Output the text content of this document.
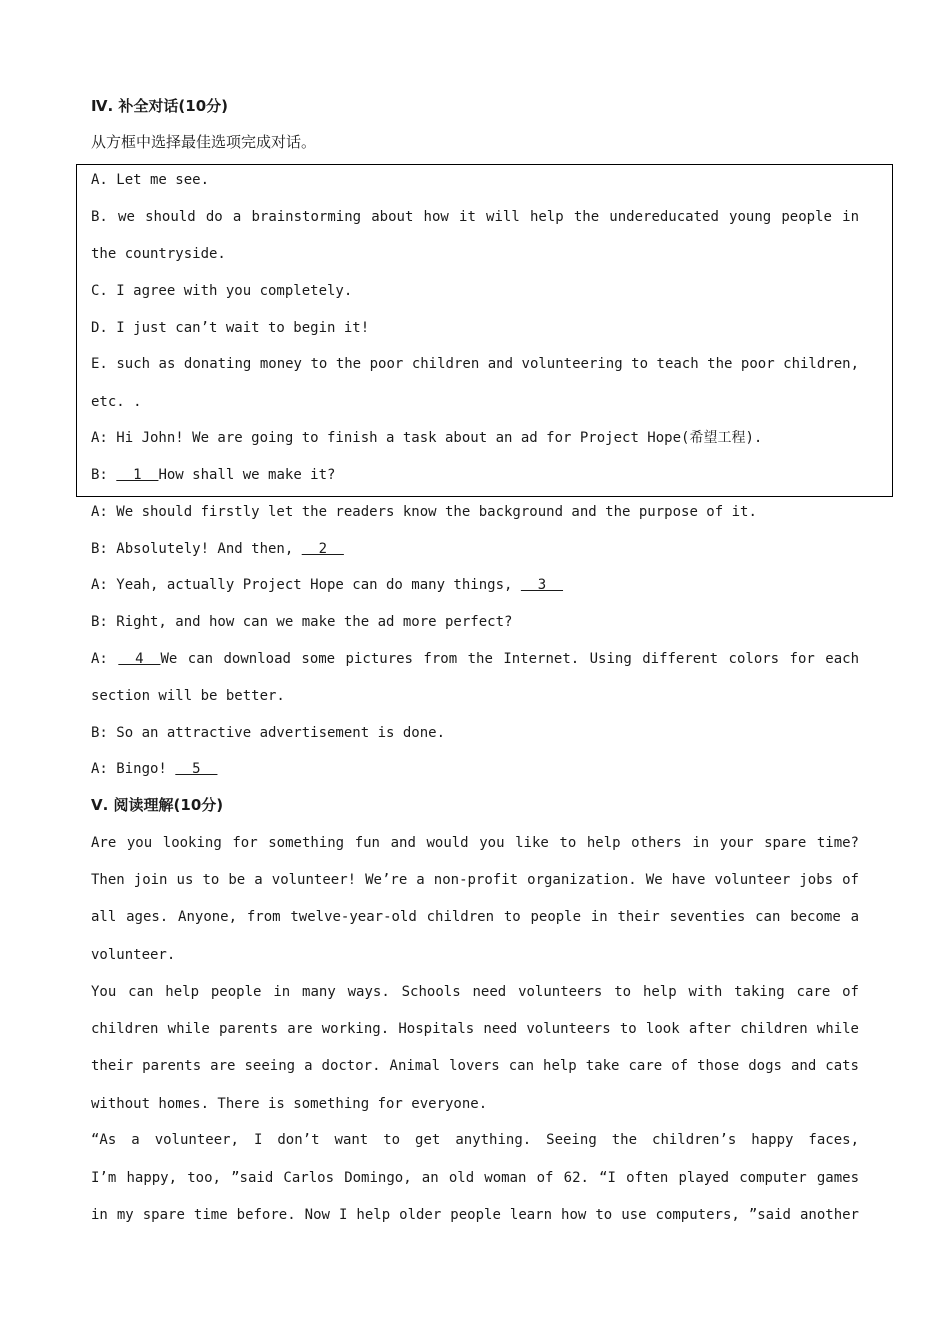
Ⅳ. 补全对话(10分)
从方框中选择最佳选项完成对话。
A. Let me see.
B. we should do a brainstorming about how it will help the undereducated young people in
the countryside.
C. I agree with you completely.
D. I just can’t wait to begin it!
E. such as donating money to the poor children and volunteering to teach the poor children,
etc. .
A: Hi John! We are going to finish a task about an ad for Project Hope(希望工程).
B:   1  How shall we make it?
A: We should firstly let the readers know the background and the purpose of it.
B: Absolutely! And then,   2
A: Yeah, actually Project Hope can do many things,   3
B: Right, and how can we make the ad more perfect?
A:   4  We can download some pictures from the Internet. Using different colors for each
section will be better.
B: So an attractive advertisement is done.
A: Bingo!   5
Ⅴ. 阅读理解(10分)
Are you looking for something fun and would you like to help others in your spare time?
Then join us to be a volunteer! We’re a non-profit organization. We have volunteer jobs of
all ages. Anyone, from twelve-year-old children to people in their seventies can become a
volunteer.
You can help people in many ways. Schools need volunteers to help with taking care of
children while parents are working. Hospitals need volunteers to look after children while
their parents are seeing a doctor. Animal lovers can help take care of those dogs and cats
without homes. There is something for everyone.
“As a volunteer, I don’t want to get anything. Seeing the children’s happy faces,
I’m happy, too, ”said Carlos Domingo, an old woman of 62. “I often played computer games
in my spare time before. Now I help older people learn how to use computers, ”said another
